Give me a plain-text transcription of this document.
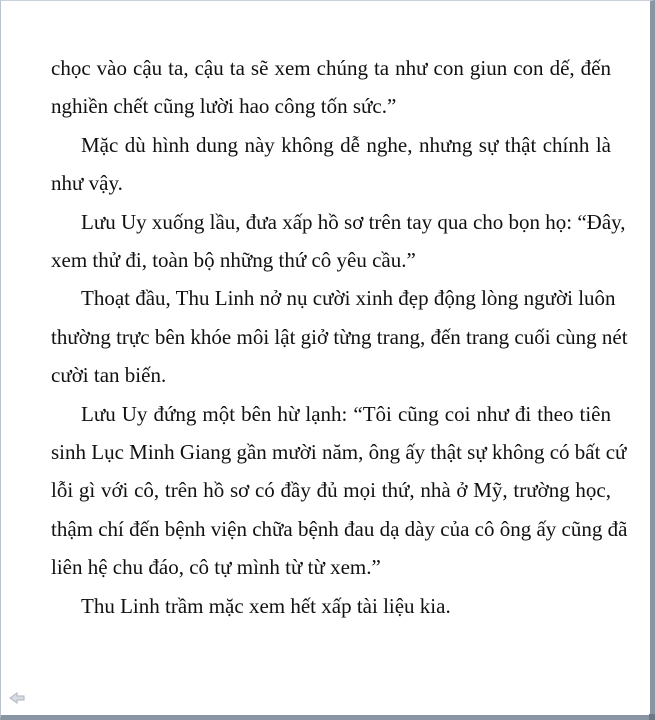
chọc vào cậu ta, cậu ta sẽ xem chúng ta như con giun con dế, đến
nghiền chết cũng lười hao công tốn sức.”

Mặc dù hình dung này không dễ nghe, nhưng sự thật chính là
như vậy.

Lưu Uy xuống lầu, đưa xấp hồ sơ trên tay qua cho bọn họ: “Đây,
xem thử đi, toàn bộ những thứ cô yêu cầu.”

Thoạt đầu, Thu Linh nở nụ cười xinh đẹp động lòng người luôn
thường trực bên khóe môi lật giở từng trang, đến trang cuối cùng nét
cười tan biến.

Lưu Uy đứng một bên hừ lạnh: “Tôi cũng coi như đi theo tiên
sinh Lục Minh Giang gần mười năm, ông ấy thật sự không có bất cứ
lỗi gì với cô, trên hồ sơ có đầy đủ mọi thứ, nhà ở Mỹ, trường học,
thậm chí đến bệnh viện chữa bệnh đau dạ dày của cô ông ấy cũng đã
liên hệ chu đáo, cô tự mình từ từ xem.”

Thu Linh trầm mặc xem hết xấp tài liệu kia.
